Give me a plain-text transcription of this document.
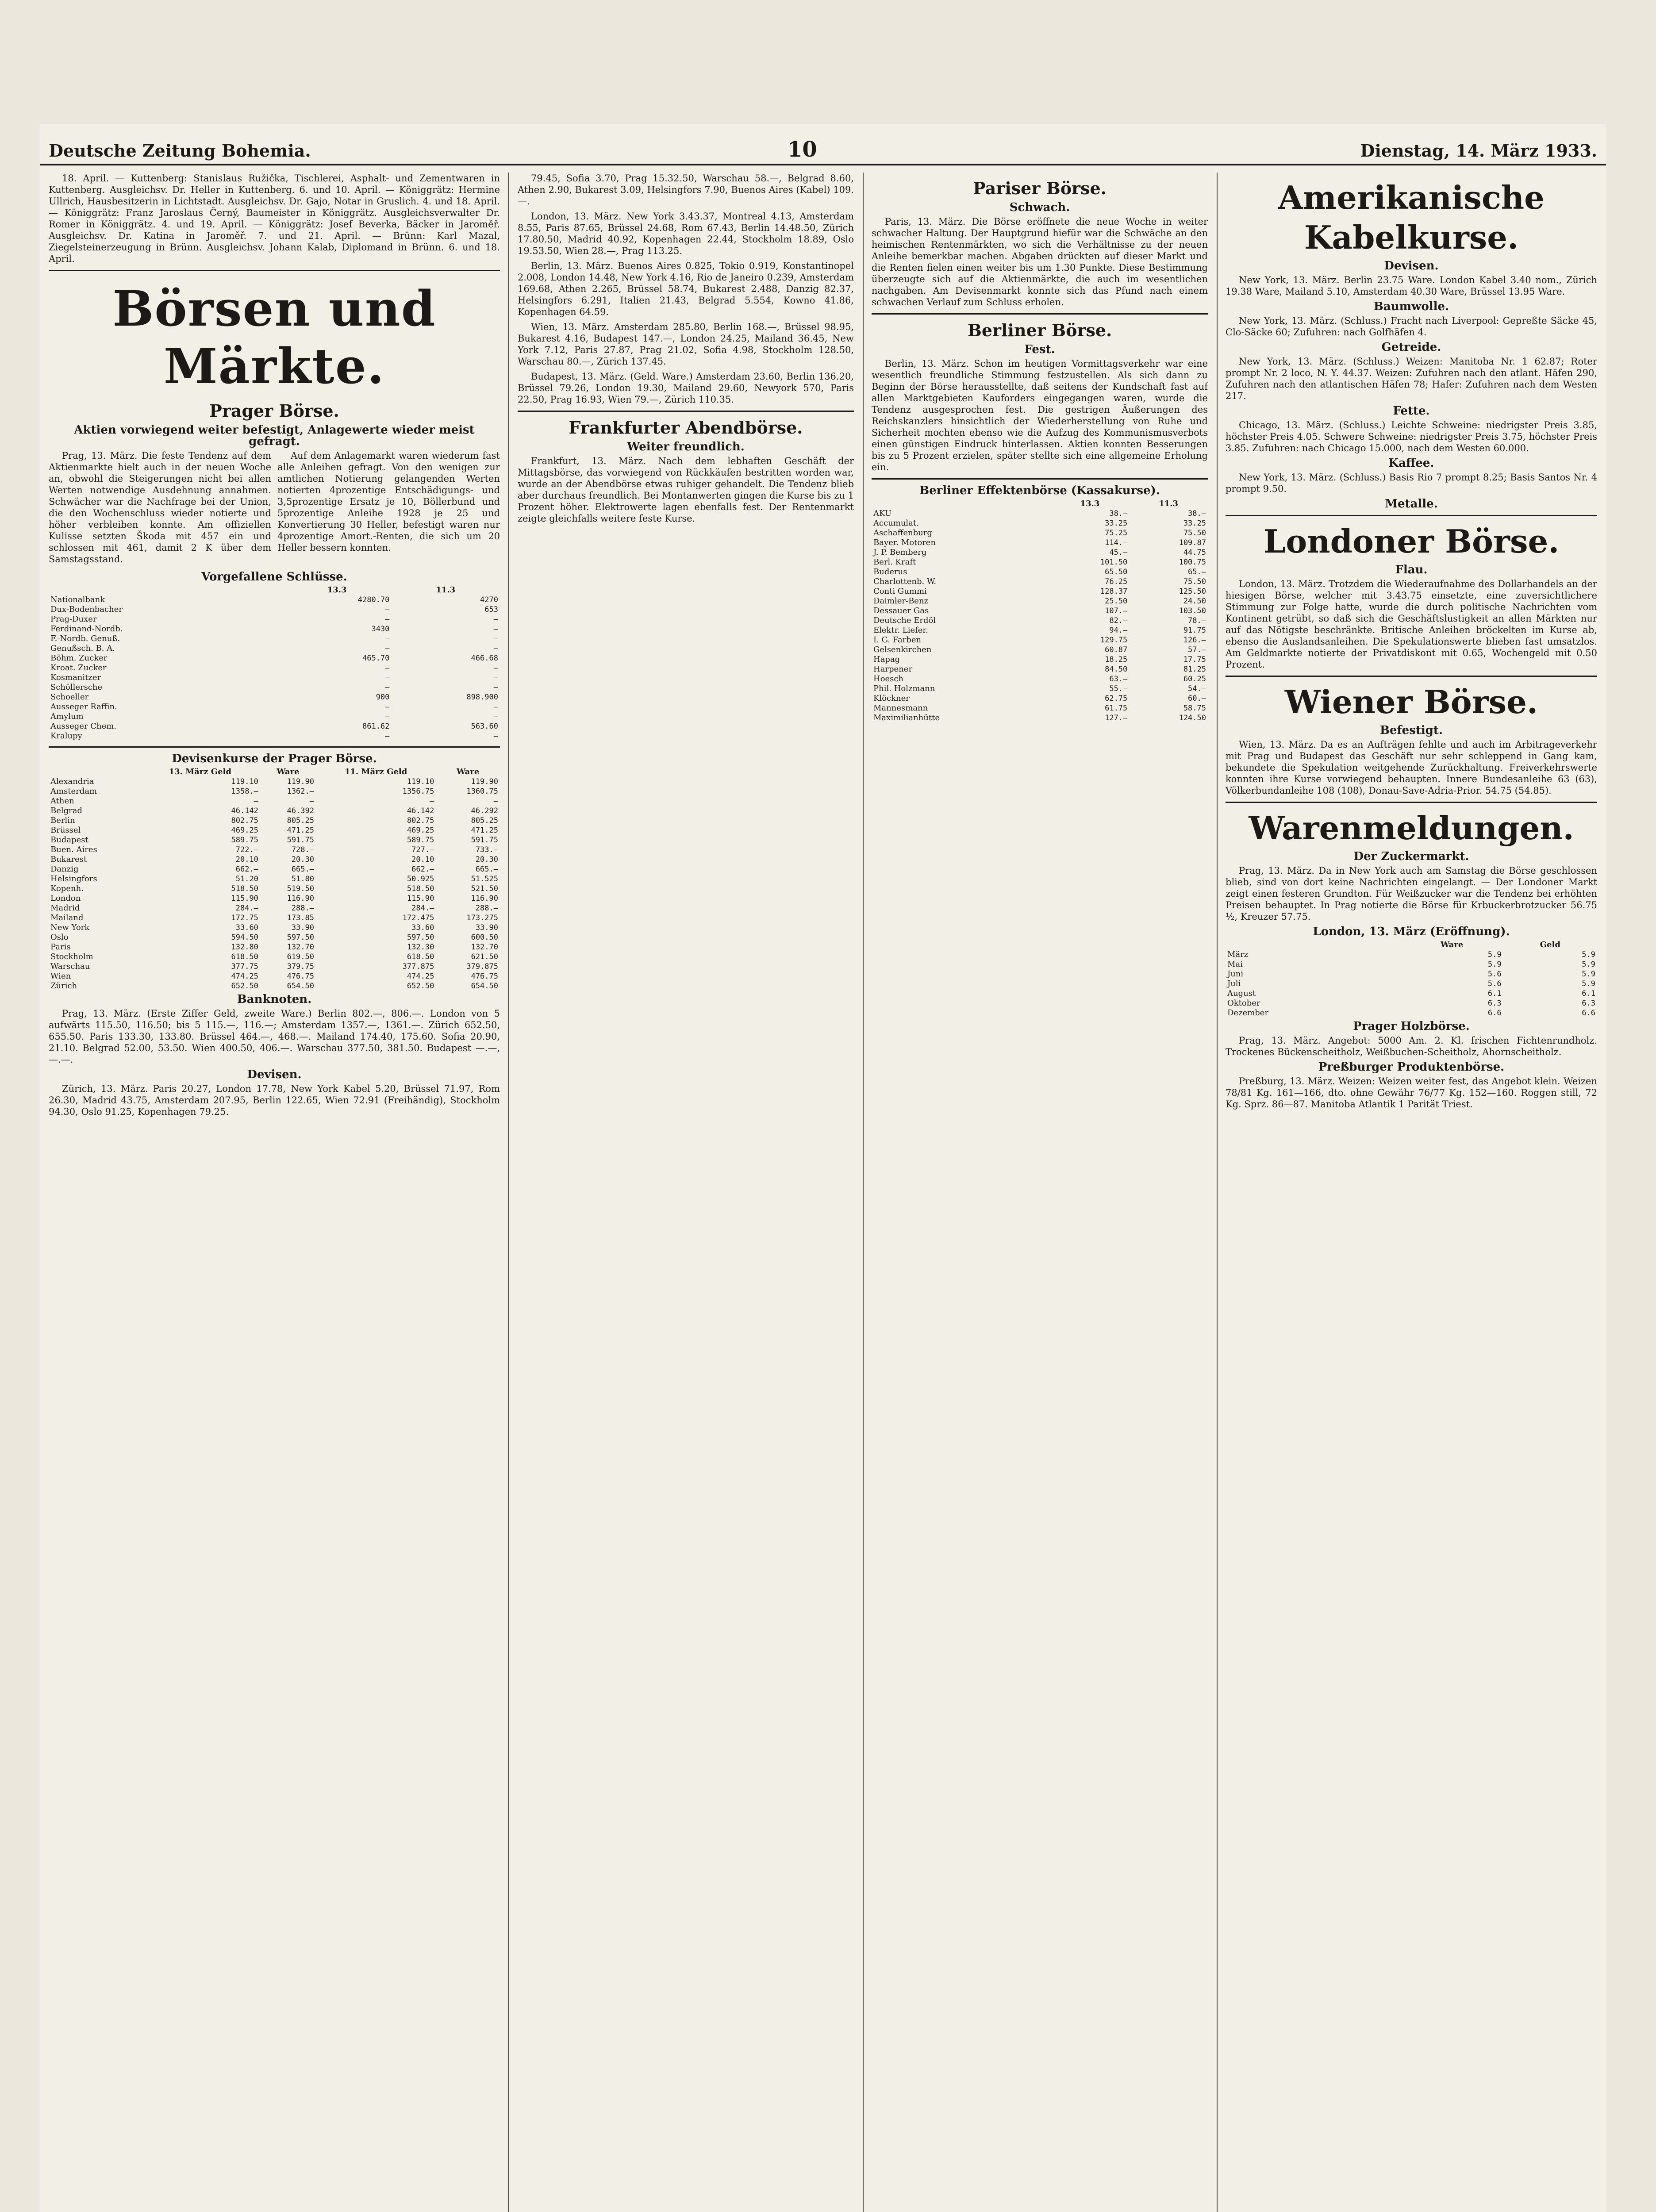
Deutsche Zeitung Bohemia.	10	Dienstag, 14. März 1933.

18. April. — Kuttenberg: Stanislaus Ružička, Tischlerei, Asphalt- und Zementwaren in Kuttenberg. Ausgleichsv. Dr. Heller in Kuttenberg. 6. und 10. April. — Königgrätz: Hermine Ullrich, Hausbesitzerin in Lichtstadt. Ausgleichsv. Dr. Gajo, Notar in Gruslich. 4. und 18. April. — Königgrätz: Franz Jaroslaus Černý, Baumeister in Königgrätz. Ausgleichsverwalter Dr. Romer in Königgrätz. 4. und 19. April. — Königgrätz: Josef Beverka, Bäcker in Jaroměř. Ausgleichsv. Dr. Katina in Jaroměř. 7. und 21. April. — Brünn: Karl Mazal, Ziegelsteinerzeugung in Brünn. Ausgleichsv. Johann Kalab, Diplomand in Brünn. 6. und 18. April.

Börsen und Märkte.
Prager Börse.
Aktien vorwiegend weiter befestigt, Anlagewerte wieder meist gefragt.

Prag, 13. März. Die feste Tendenz auf dem Aktienmarkte hielt auch in der neuen Woche an, obwohl die Steigerungen nicht bei allen Werten notwendige Ausdehnung annahmen. Schwächer war die Nachfrage bei der Union, die den Wochenschluss wieder notierte und höher verbleiben konnte. Am offiziellen Kulisse setzten Škoda mit 457 ein und schlossen mit 461, damit 2 K über dem Samstagsstand.

Auf dem Anlagemarkt waren wiederum fast alle Anleihen gefragt. Von den wenigen zur amtlichen Notierung gelangenden Werten notierten 4prozentige Entschädigungs- und 3,5prozentige Ersatz je 10, Böllerbund und 5prozentige Anleihe 1928 je 25 und Konvertierung 30 Heller, befestigt waren nur 4prozentige Amort.-Renten, die sich um 20 Heller bessern konnten.

Vorgefallene Schlüsse.
	13.3	11.3
Nationalbank	4280.70	4270
Dux-Bodenbacher	—	653
Prag-Duxer	—	—
Ferdinand-Nordb.	3430	—
F.-Nordb. Genuß.	—	—
Genußsch. B. A.	—	—
Böhm. Zucker	465.70	466.68
Kroat. Zucker	—	—
Kosmanitzer	—	—
Schöllersche	—	—
Schoeller	900	898.900
Ausseger Raffin.	—	—
Amylum	—	—
Ausseger Chem.	861.62	563.60
Kralupy	—	—
Devisenkurse der Prager Börse.
	13. März Geld	Ware	11. März Geld	Ware
Alexandria	119.10	119.90	119.10	119.90
Amsterdam	1358.—	1362.—	1356.75	1360.75
Athen	—	—	—	—
Belgrad	46.142	46.392	46.142	46.292
Berlin	802.75	805.25	802.75	805.25
Brüssel	469.25	471.25	469.25	471.25
Budapest	589.75	591.75	589.75	591.75
Buen. Aires	722.—	728.—	727.—	733.—
Bukarest	20.10	20.30	20.10	20.30
Danzig	662.—	665.—	662.—	665.—
Helsingfors	51.20	51.80	50.925	51.525
Kopenh.	518.50	519.50	518.50	521.50
London	115.90	116.90	115.90	116.90
Madrid	284.—	288.—	284.—	288.—
Mailand	172.75	173.85	172.475	173.275
New York	33.60	33.90	33.60	33.90
Oslo	594.50	597.50	597.50	600.50
Paris	132.80	132.70	132.30	132.70
Stockholm	618.50	619.50	618.50	621.50
Warschau	377.75	379.75	377.875	379.875
Wien	474.25	476.75	474.25	476.75
Zürich	652.50	654.50	652.50	654.50
Banknoten.

Prag, 13. März. (Erste Ziffer Geld, zweite Ware.) Berlin 802.—, 806.—. London von 5 aufwärts 115.50, 116.50; bis 5 115.—, 116.—; Amsterdam 1357.—, 1361.—. Zürich 652.50, 655.50. Paris 133.30, 133.80. Brüssel 464.—, 468.—. Mailand 174.40, 175.60. Sofia 20.90, 21.10. Belgrad 52.00, 53.50. Wien 400.50, 406.—. Warschau 377.50, 381.50. Budapest —.—, —.—.

Devisen.

Zürich, 13. März. Paris 20.27, London 17.78, New York Kabel 5.20, Brüssel 71.97, Rom 26.30, Madrid 43.75, Amsterdam 207.95, Berlin 122.65, Wien 72.91 (Freihändig), Stockholm 94.30, Oslo 91.25, Kopenhagen 79.25.

79.45, Sofia 3.70, Prag 15.32.50, Warschau 58.—, Belgrad 8.60, Athen 2.90, Bukarest 3.09, Helsingfors 7.90, Buenos Aires (Kabel) 109.—.

London, 13. März. New York 3.43.37, Montreal 4.13, Amsterdam 8.55, Paris 87.65, Brüssel 24.68, Rom 67.43, Berlin 14.48.50, Zürich 17.80.50, Madrid 40.92, Kopenhagen 22.44, Stockholm 18.89, Oslo 19.53.50, Wien 28.—, Prag 113.25.

Berlin, 13. März. Buenos Aires 0.825, Tokio 0.919, Konstantinopel 2.008, London 14.48, New York 4.16, Rio de Janeiro 0.239, Amsterdam 169.68, Athen 2.265, Brüssel 58.74, Bukarest 2.488, Danzig 82.37, Helsingfors 6.291, Italien 21.43, Belgrad 5.554, Kowno 41.86, Kopenhagen 64.59.

Wien, 13. März. Amsterdam 285.80, Berlin 168.—, Brüssel 98.95, Bukarest 4.16, Budapest 147.—, London 24.25, Mailand 36.45, New York 7.12, Paris 27.87, Prag 21.02, Sofia 4.98, Stockholm 128.50, Warschau 80.—, Zürich 137.45.

Budapest, 13. März. (Geld. Ware.) Amsterdam 23.60, Berlin 136.20, Brüssel 79.26, London 19.30, Mailand 29.60, Newyork 570, Paris 22.50, Prag 16.93, Wien 79.—, Zürich 110.35.

Frankfurter Abendbörse.
Weiter freundlich.

Frankfurt, 13. März. Nach dem lebhaften Geschäft der Mittagsbörse, das vorwiegend von Rückkäufen bestritten worden war, wurde an der Abendbörse etwas ruhiger gehandelt. Die Tendenz blieb aber durchaus freundlich. Bei Montanwerten gingen die Kurse bis zu 1 Prozent höher. Elektrowerte lagen ebenfalls fest. Der Rentenmarkt zeigte gleichfalls weitere feste Kurse.

Pariser Börse.
Schwach.

Paris, 13. März. Die Börse eröffnete die neue Woche in weiter schwacher Haltung. Der Hauptgrund hiefür war die Schwäche an den heimischen Rentenmärkten, wo sich die Verhältnisse zu der neuen Anleihe bemerkbar machen. Abgaben drückten auf dieser Markt und die Renten fielen einen weiter bis um 1.30 Punkte. Diese Bestimmung überzeugte sich auf die Aktienmärkte, die auch im wesentlichen nachgaben. Am Devisenmarkt konnte sich das Pfund nach einem schwachen Verlauf zum Schluss erholen.

Berliner Börse.
Fest.

Berlin, 13. März. Schon im heutigen Vormittagsverkehr war eine wesentlich freundliche Stimmung festzustellen. Als sich dann zu Beginn der Börse herausstellte, daß seitens der Kundschaft fast auf allen Marktgebieten Kauforders eingegangen waren, wurde die Tendenz ausgesprochen fest. Die gestrigen Äußerungen des Reichskanzlers hinsichtlich der Wiederherstellung von Ruhe und Sicherheit mochten ebenso wie die Aufzug des Kommunismusverbots einen günstigen Eindruck hinterlassen. Aktien konnten Besserungen bis zu 5 Prozent erzielen, später stellte sich eine allgemeine Erholung ein.

Berliner Effektenbörse (Kassakurse).
	13.3	11.3
AKU	38.—	38.—
Accumulat.	33.25	33.25
Aschaffenburg	75.25	75.50
Bayer. Motoren	114.—	109.87
J. P. Bemberg	45.—	44.75
Berl. Kraft	101.50	100.75
Buderus	65.50	65.—
Charlottenb. W.	76.25	75.50
Conti Gummi	128.37	125.50
Daimler-Benz	25.50	24.50
Dessauer Gas	107.—	103.50
Deutsche Erdöl	82.—	78.—
Elektr. Liefer.	94.—	91.75
I. G. Farben	129.75	126.—
Gelsenkirchen	60.87	57.—
Hapag	18.25	17.75
Harpener	84.50	81.25
Hoesch	63.—	60.25
Phil. Holzmann	55.—	54.—
Klöckner	62.75	60.—
Mannesmann	61.75	58.75
Maximilianhütte	127.—	124.50
Amerikanische Kabelkurse.
Devisen.

New York, 13. März. Berlin 23.75 Ware. London Kabel 3.40 nom., Zürich 19.38 Ware, Mailand 5.10, Amsterdam 40.30 Ware, Brüssel 13.95 Ware.

Baumwolle.

New York, 13. März. (Schluss.) Fracht nach Liverpool: Gepreßte Säcke 45, Clo-Säcke 60; Zufuhren: nach Golfhäfen 4.

Getreide.

New York, 13. März. (Schluss.) Weizen: Manitoba Nr. 1 62.87; Roter prompt Nr. 2 loco, N. Y. 44.37. Weizen: Zufuhren nach den atlant. Häfen 290, Zufuhren nach den atlantischen Häfen 78; Hafer: Zufuhren nach dem Westen 217.

Fette.

Chicago, 13. März. (Schluss.) Leichte Schweine: niedrigster Preis 3.85, höchster Preis 4.05. Schwere Schweine: niedrigster Preis 3.75, höchster Preis 3.85. Zufuhren: nach Chicago 15.000, nach dem Westen 60.000.

Kaffee.

New York, 13. März. (Schluss.) Basis Rio 7 prompt 8.25; Basis Santos Nr. 4 prompt 9.50.

Metalle.
Londoner Börse.
Flau.

London, 13. März. Trotzdem die Wiederaufnahme des Dollarhandels an der hiesigen Börse, welcher mit 3.43.75 einsetzte, eine zuversichtlichere Stimmung zur Folge hatte, wurde die durch politische Nachrichten vom Kontinent getrübt, so daß sich die Geschäftslustigkeit an allen Märkten nur auf das Nötigste beschränkte. Britische Anleihen bröckelten im Kurse ab, ebenso die Auslandsanleihen. Die Spekulationswerte blieben fast umsatzlos. Am Geldmarkte notierte der Privatdiskont mit 0.65, Wochengeld mit 0.50 Prozent.

Wiener Börse.
Befestigt.

Wien, 13. März. Da es an Aufträgen fehlte und auch im Arbitrageverkehr mit Prag und Budapest das Geschäft nur sehr schleppend in Gang kam, bekundete die Spekulation weitgehende Zurückhaltung. Freiverkehrswerte konnten ihre Kurse vorwiegend behaupten. Innere Bundesanleihe 63 (63), Völkerbundanleihe 108 (108), Donau-Save-Adria-Prior. 54.75 (54.85).

Warenmeldungen.
Der Zuckermarkt.

Prag, 13. März. Da in New York auch am Samstag die Börse geschlossen blieb, sind von dort keine Nachrichten eingelangt. — Der Londoner Markt zeigt einen festeren Grundton. Für Weißzucker war die Tendenz bei erhöhten Preisen behauptet. In Prag notierte die Börse für Krbuckerbrotzucker 56.75 ½, Kreuzer 57.75.

London, 13. März (Eröffnung).
	Ware	Geld
März	5.9	5.9
Mai	5.9	5.9
Juni	5.6	5.9
Juli	5.6	5.9
August	6.1	6.1
Oktober	6.3	6.3
Dezember	6.6	6.6
Prager Holzbörse.

Prag, 13. März. Angebot: 5000 Am. 2. Kl. frischen Fichtenrundholz. Trockenes Bückenscheitholz, Weißbuchen-Scheitholz, Ahornscheitholz.

Preßburger Produktenbörse.

Preßburg, 13. März. Weizen: Weizen weiter fest, das Angebot klein. Weizen 78/81 Kg. 161—166, dto. ohne Gewähr 76/77 Kg. 152—160. Roggen still, 72 Kg. Sprz. 86—87. Manitoba Atlantik 1 Parität Triest.
